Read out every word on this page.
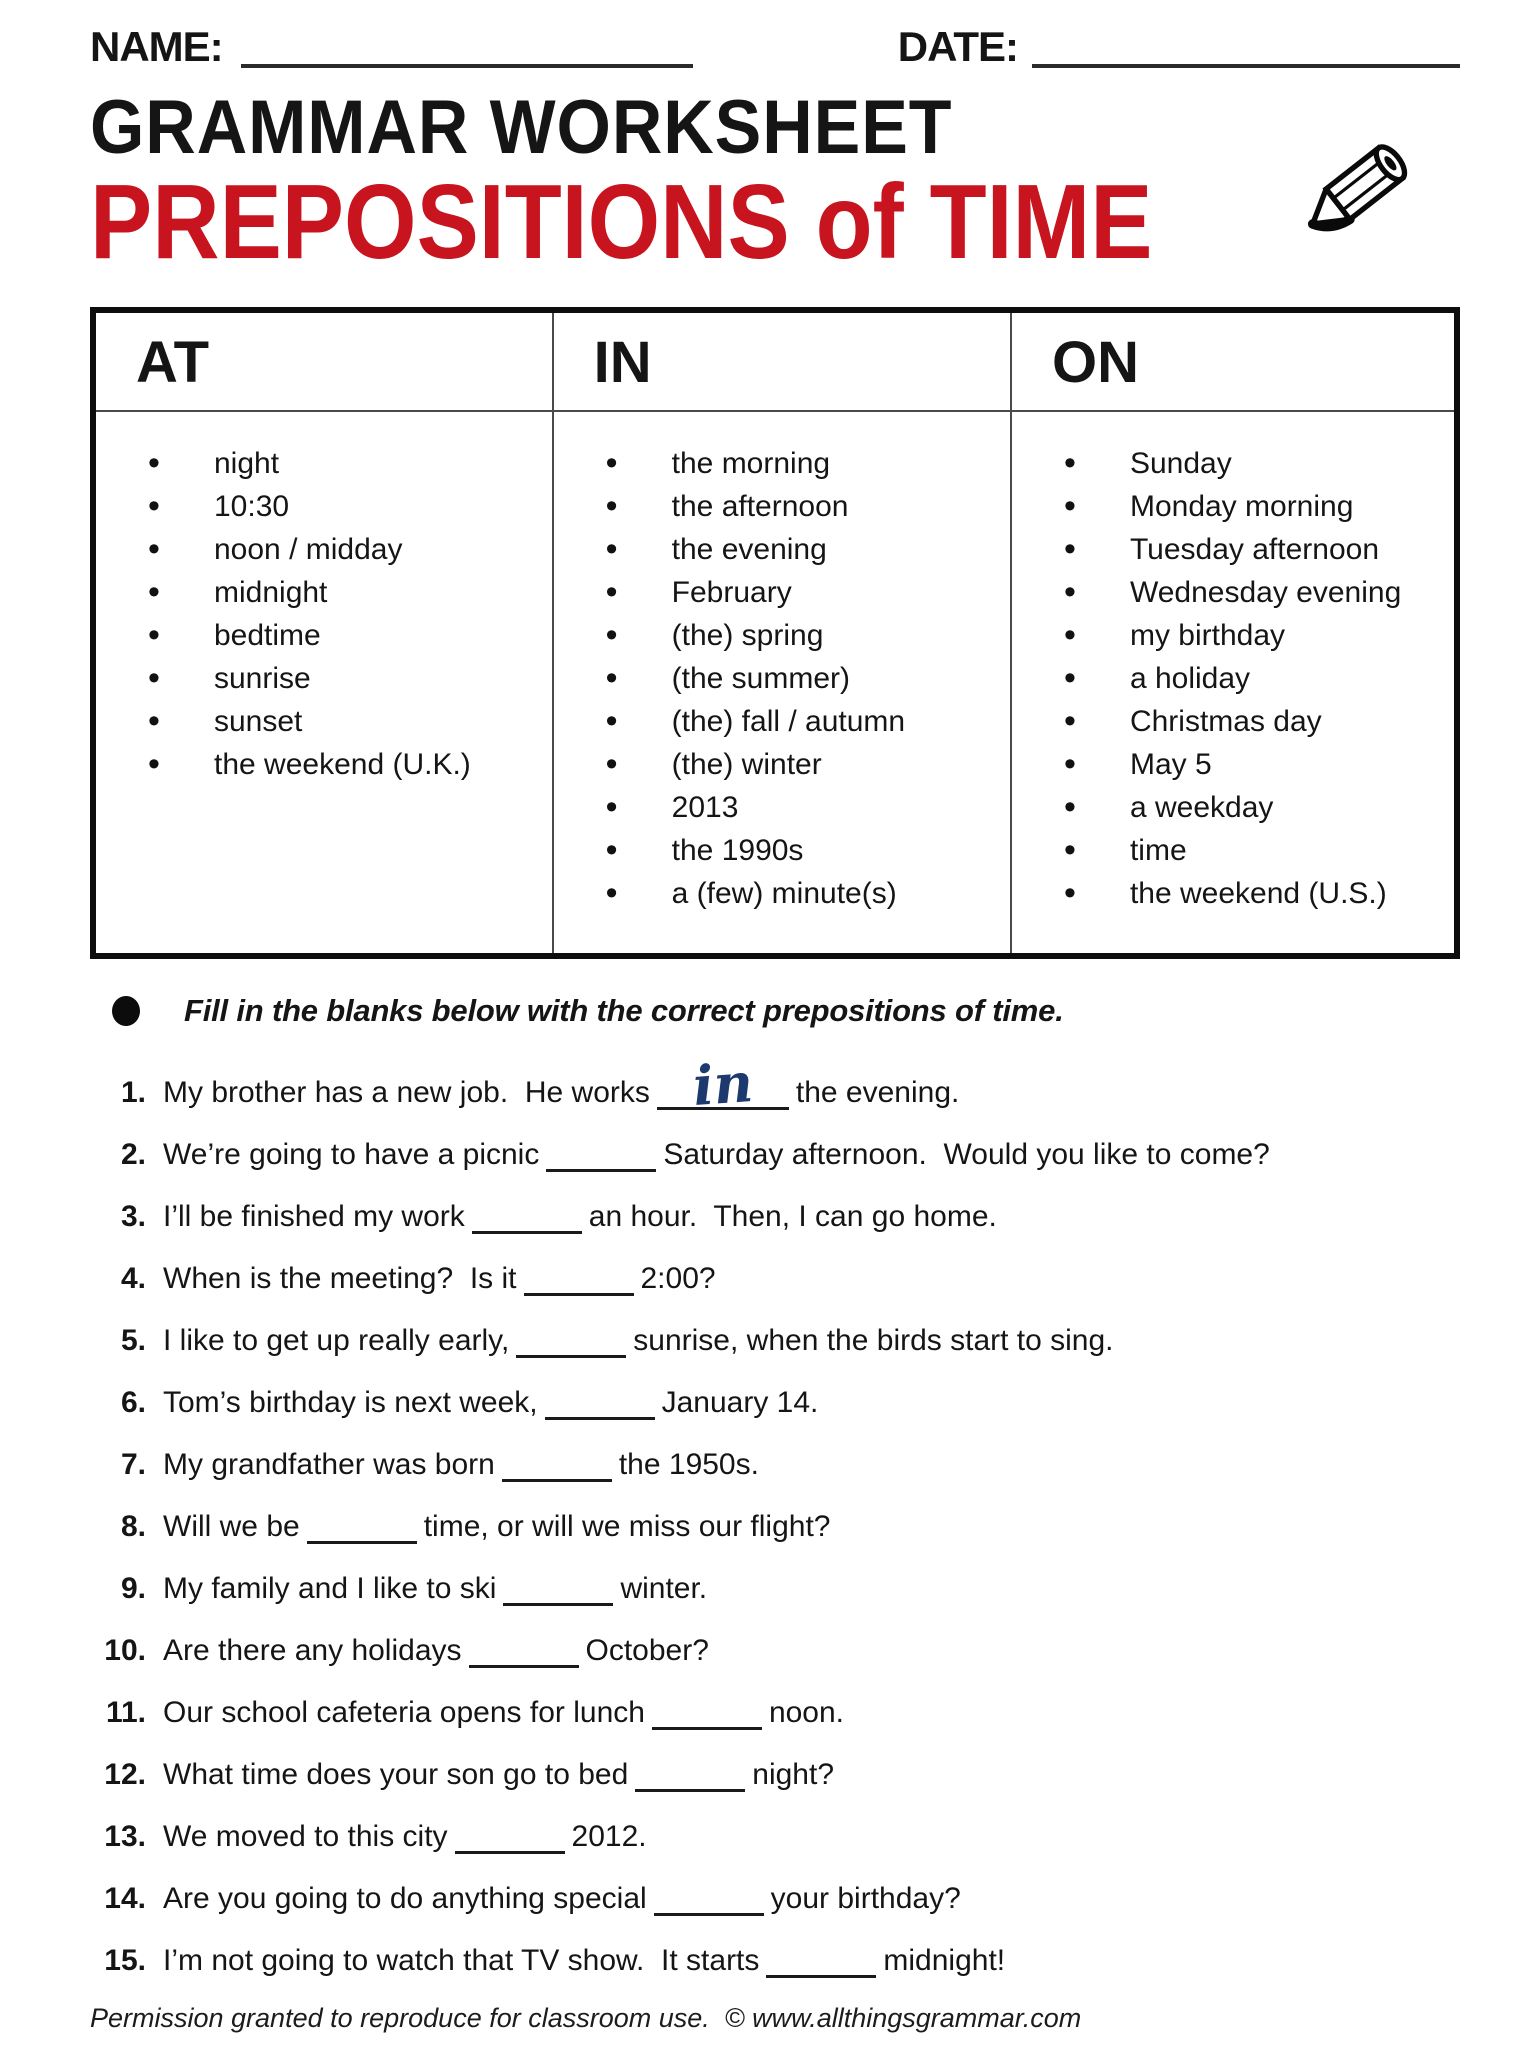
NAME:	DATE:
GRAMMAR WORKSHEET
PREPOSITIONS of TIME
AT	IN	ON

• night
• 10:30
• noon / midday
• midnight
• bedtime
• sunrise
• sunset
• the weekend (U.K.)

• the morning
• the afternoon
• the evening
• February
• (the) spring
• (the summer)
• (the) fall / autumn
• (the) winter
• 2013
• the 1990s
• a (few) minute(s)

• Sunday
• Monday morning
• Tuesday afternoon
• Wednesday evening
• my birthday
• a holiday
• Christmas day
• May 5
• a weekday
• time
• the weekend (U.S.)
Fill in the blanks below with the correct prepositions of time.
1. My brother has a new job.  He works in the evening.
2. We’re going to have a picnic	Saturday afternoon.  Would you like to come?
3. I’ll be finished my work	an hour.  Then, I can go home.
4. When is the meeting?  Is it	2:00?
5. I like to get up really early,	sunrise, when the birds start to sing.
6. Tom’s birthday is next week,	January 14.
7. My grandfather was born	the 1950s.
8. Will we be	time, or will we miss our flight?
9. My family and I like to ski	winter.
10. Are there any holidays	October?
11. Our school cafeteria opens for lunch	noon.
12. What time does your son go to bed	night?
13. We moved to this city	2012.
14. Are you going to do anything special	your birthday?
15. I’m not going to watch that TV show.  It starts	midnight!
Permission granted to reproduce for classroom use.  © www.allthingsgrammar.com
